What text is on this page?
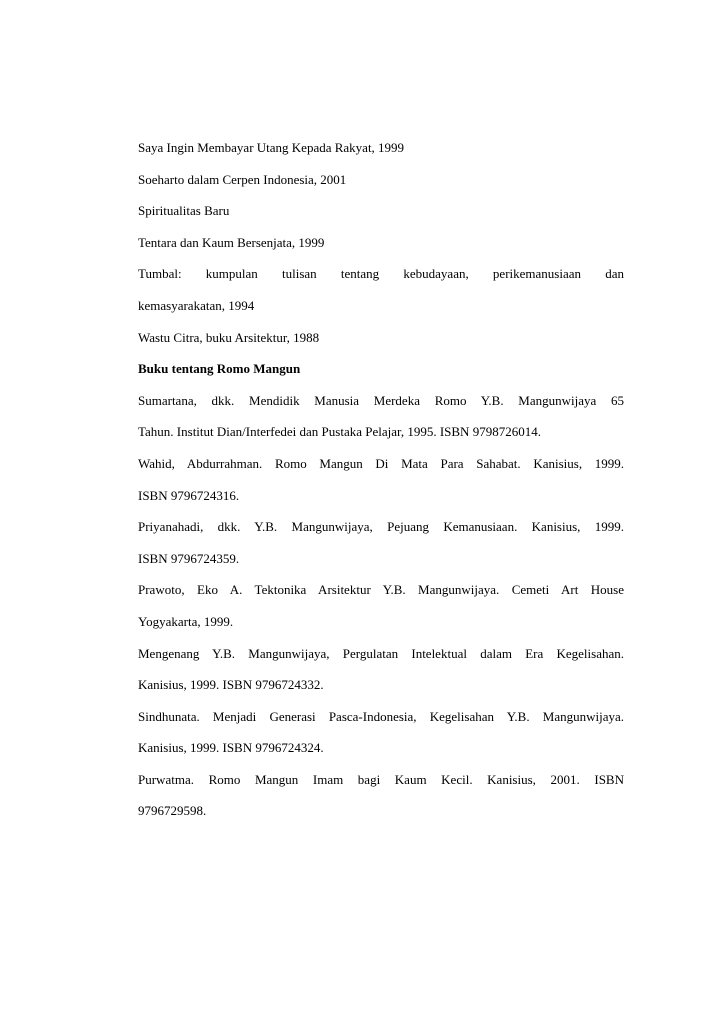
Saya Ingin Membayar Utang Kepada Rakyat, 1999
Soeharto dalam Cerpen Indonesia, 2001
Spiritualitas Baru
Tentara dan Kaum Bersenjata, 1999
Tumbal: kumpulan tulisan tentang kebudayaan, perikemanusiaan dan
kemasyarakatan, 1994
Wastu Citra, buku Arsitektur, 1988
Buku tentang Romo Mangun
Sumartana, dkk. Mendidik Manusia Merdeka Romo Y.B. Mangunwijaya 65
Tahun. Institut Dian/Interfedei dan Pustaka Pelajar, 1995. ISBN 9798726014.
Wahid, Abdurrahman. Romo Mangun Di Mata Para Sahabat. Kanisius, 1999.
ISBN 9796724316.
Priyanahadi, dkk. Y.B. Mangunwijaya, Pejuang Kemanusiaan. Kanisius, 1999.
ISBN 9796724359.
Prawoto, Eko A. Tektonika Arsitektur Y.B. Mangunwijaya. Cemeti Art House
Yogyakarta, 1999.
Mengenang Y.B. Mangunwijaya, Pergulatan Intelektual dalam Era Kegelisahan.
Kanisius, 1999. ISBN 9796724332.
Sindhunata. Menjadi Generasi Pasca-Indonesia, Kegelisahan Y.B. Mangunwijaya.
Kanisius, 1999. ISBN 9796724324.
Purwatma. Romo Mangun Imam bagi Kaum Kecil. Kanisius, 2001. ISBN
9796729598.
